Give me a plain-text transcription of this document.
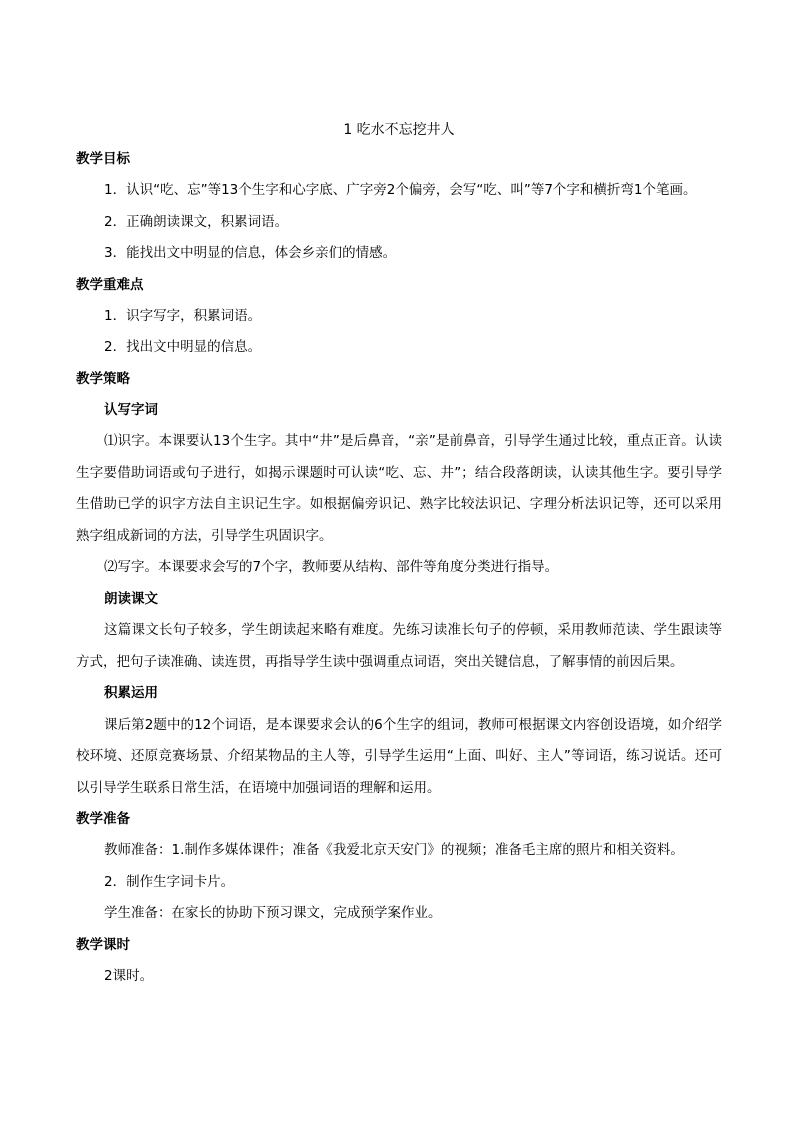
1 吃水不忘挖井人

教学目标

1．认识“吃、忘”等13个生字和心字底、广字旁2个偏旁，会写“吃、叫”等7个字和横折弯1个笔画。

2．正确朗读课文，积累词语。

3．能找出文中明显的信息，体会乡亲们的情感。

教学重难点

1．识字写字，积累词语。

2．找出文中明显的信息。

教学策略

认写字词

⑴识字。本课要认13个生字。其中“井”是后鼻音，“亲”是前鼻音，引导学生通过比较，重点正音。认读生字要借助词语或句子进行，如揭示课题时可认读“吃、忘、井”；结合段落朗读，认读其他生字。要引导学生借助已学的识字方法自主识记生字。如根据偏旁识记、熟字比较法识记、字理分析法识记等，还可以采用熟字组成新词的方法，引导学生巩固识字。

⑵写字。本课要求会写的7个字，教师要从结构、部件等角度分类进行指导。

朗读课文

这篇课文长句子较多，学生朗读起来略有难度。先练习读准长句子的停顿，采用教师范读、学生跟读等方式，把句子读准确、读连贯，再指导学生读中强调重点词语，突出关键信息，了解事情的前因后果。

积累运用

课后第2题中的12个词语，是本课要求会认的6个生字的组词，教师可根据课文内容创设语境，如介绍学校环境、还原竞赛场景、介绍某物品的主人等，引导学生运用“上面、叫好、主人”等词语，练习说话。还可以引导学生联系日常生活，在语境中加强词语的理解和运用。

教学准备

教师准备：1.制作多媒体课件；准备《我爱北京天安门》的视频；准备毛主席的照片和相关资料。

2．制作生字词卡片。

学生准备：在家长的协助下预习课文，完成预学案作业。

教学课时

2课时。
